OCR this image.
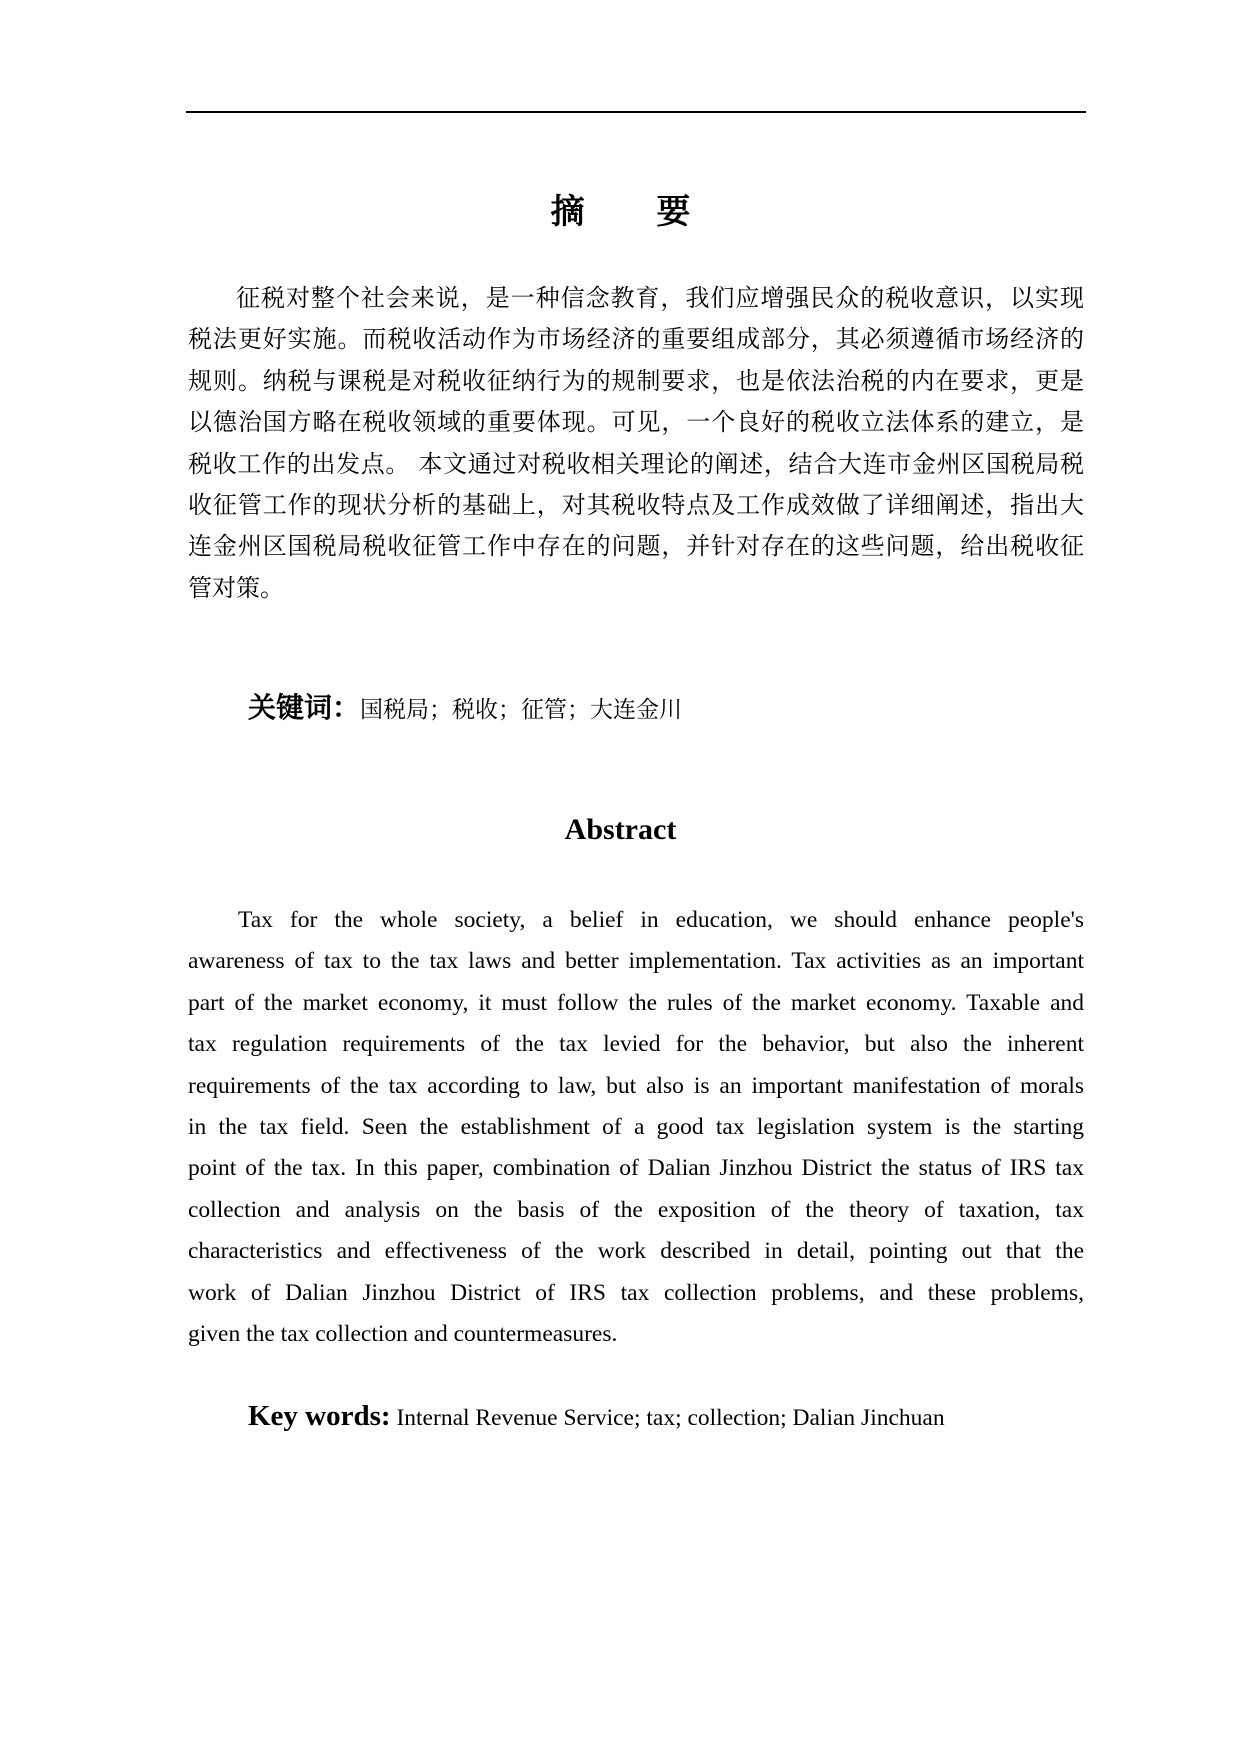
摘 要
征税对整个社会来说，是一种信念教育，我们应增强民众的税收意识，以实现
税法更好实施。而税收活动作为市场经济的重要组成部分，其必须遵循市场经济的
规则。纳税与课税是对税收征纳行为的规制要求，也是依法治税的内在要求，更是
以德治国方略在税收领域的重要体现。可见，一个良好的税收立法体系的建立，是
税收工作的出发点。 本文通过对税收相关理论的阐述，结合大连市金州区国税局税
收征管工作的现状分析的基础上，对其税收特点及工作成效做了详细阐述，指出大
连金州区国税局税收征管工作中存在的问题，并针对存在的这些问题，给出税收征
管对策。
关键词：国税局；税收；征管；大连金川
Abstract
Tax for the whole society, a belief in education, we should enhance people's
awareness of tax to the tax laws and better implementation. Tax activities as an important
part of the market economy, it must follow the rules of the market economy. Taxable and
tax regulation requirements of the tax levied for the behavior, but also the inherent
requirements of the tax according to law, but also is an important manifestation of morals
in the tax field. Seen the establishment of a good tax legislation system is the starting
point of the tax. In this paper, combination of Dalian Jinzhou District the status of IRS tax
collection and analysis on the basis of the exposition of the theory of taxation, tax
characteristics and effectiveness of the work described in detail, pointing out that the
work of Dalian Jinzhou District of IRS tax collection problems, and these problems,
given the tax collection and countermeasures.
Key words: Internal Revenue Service; tax; collection; Dalian Jinchuan
